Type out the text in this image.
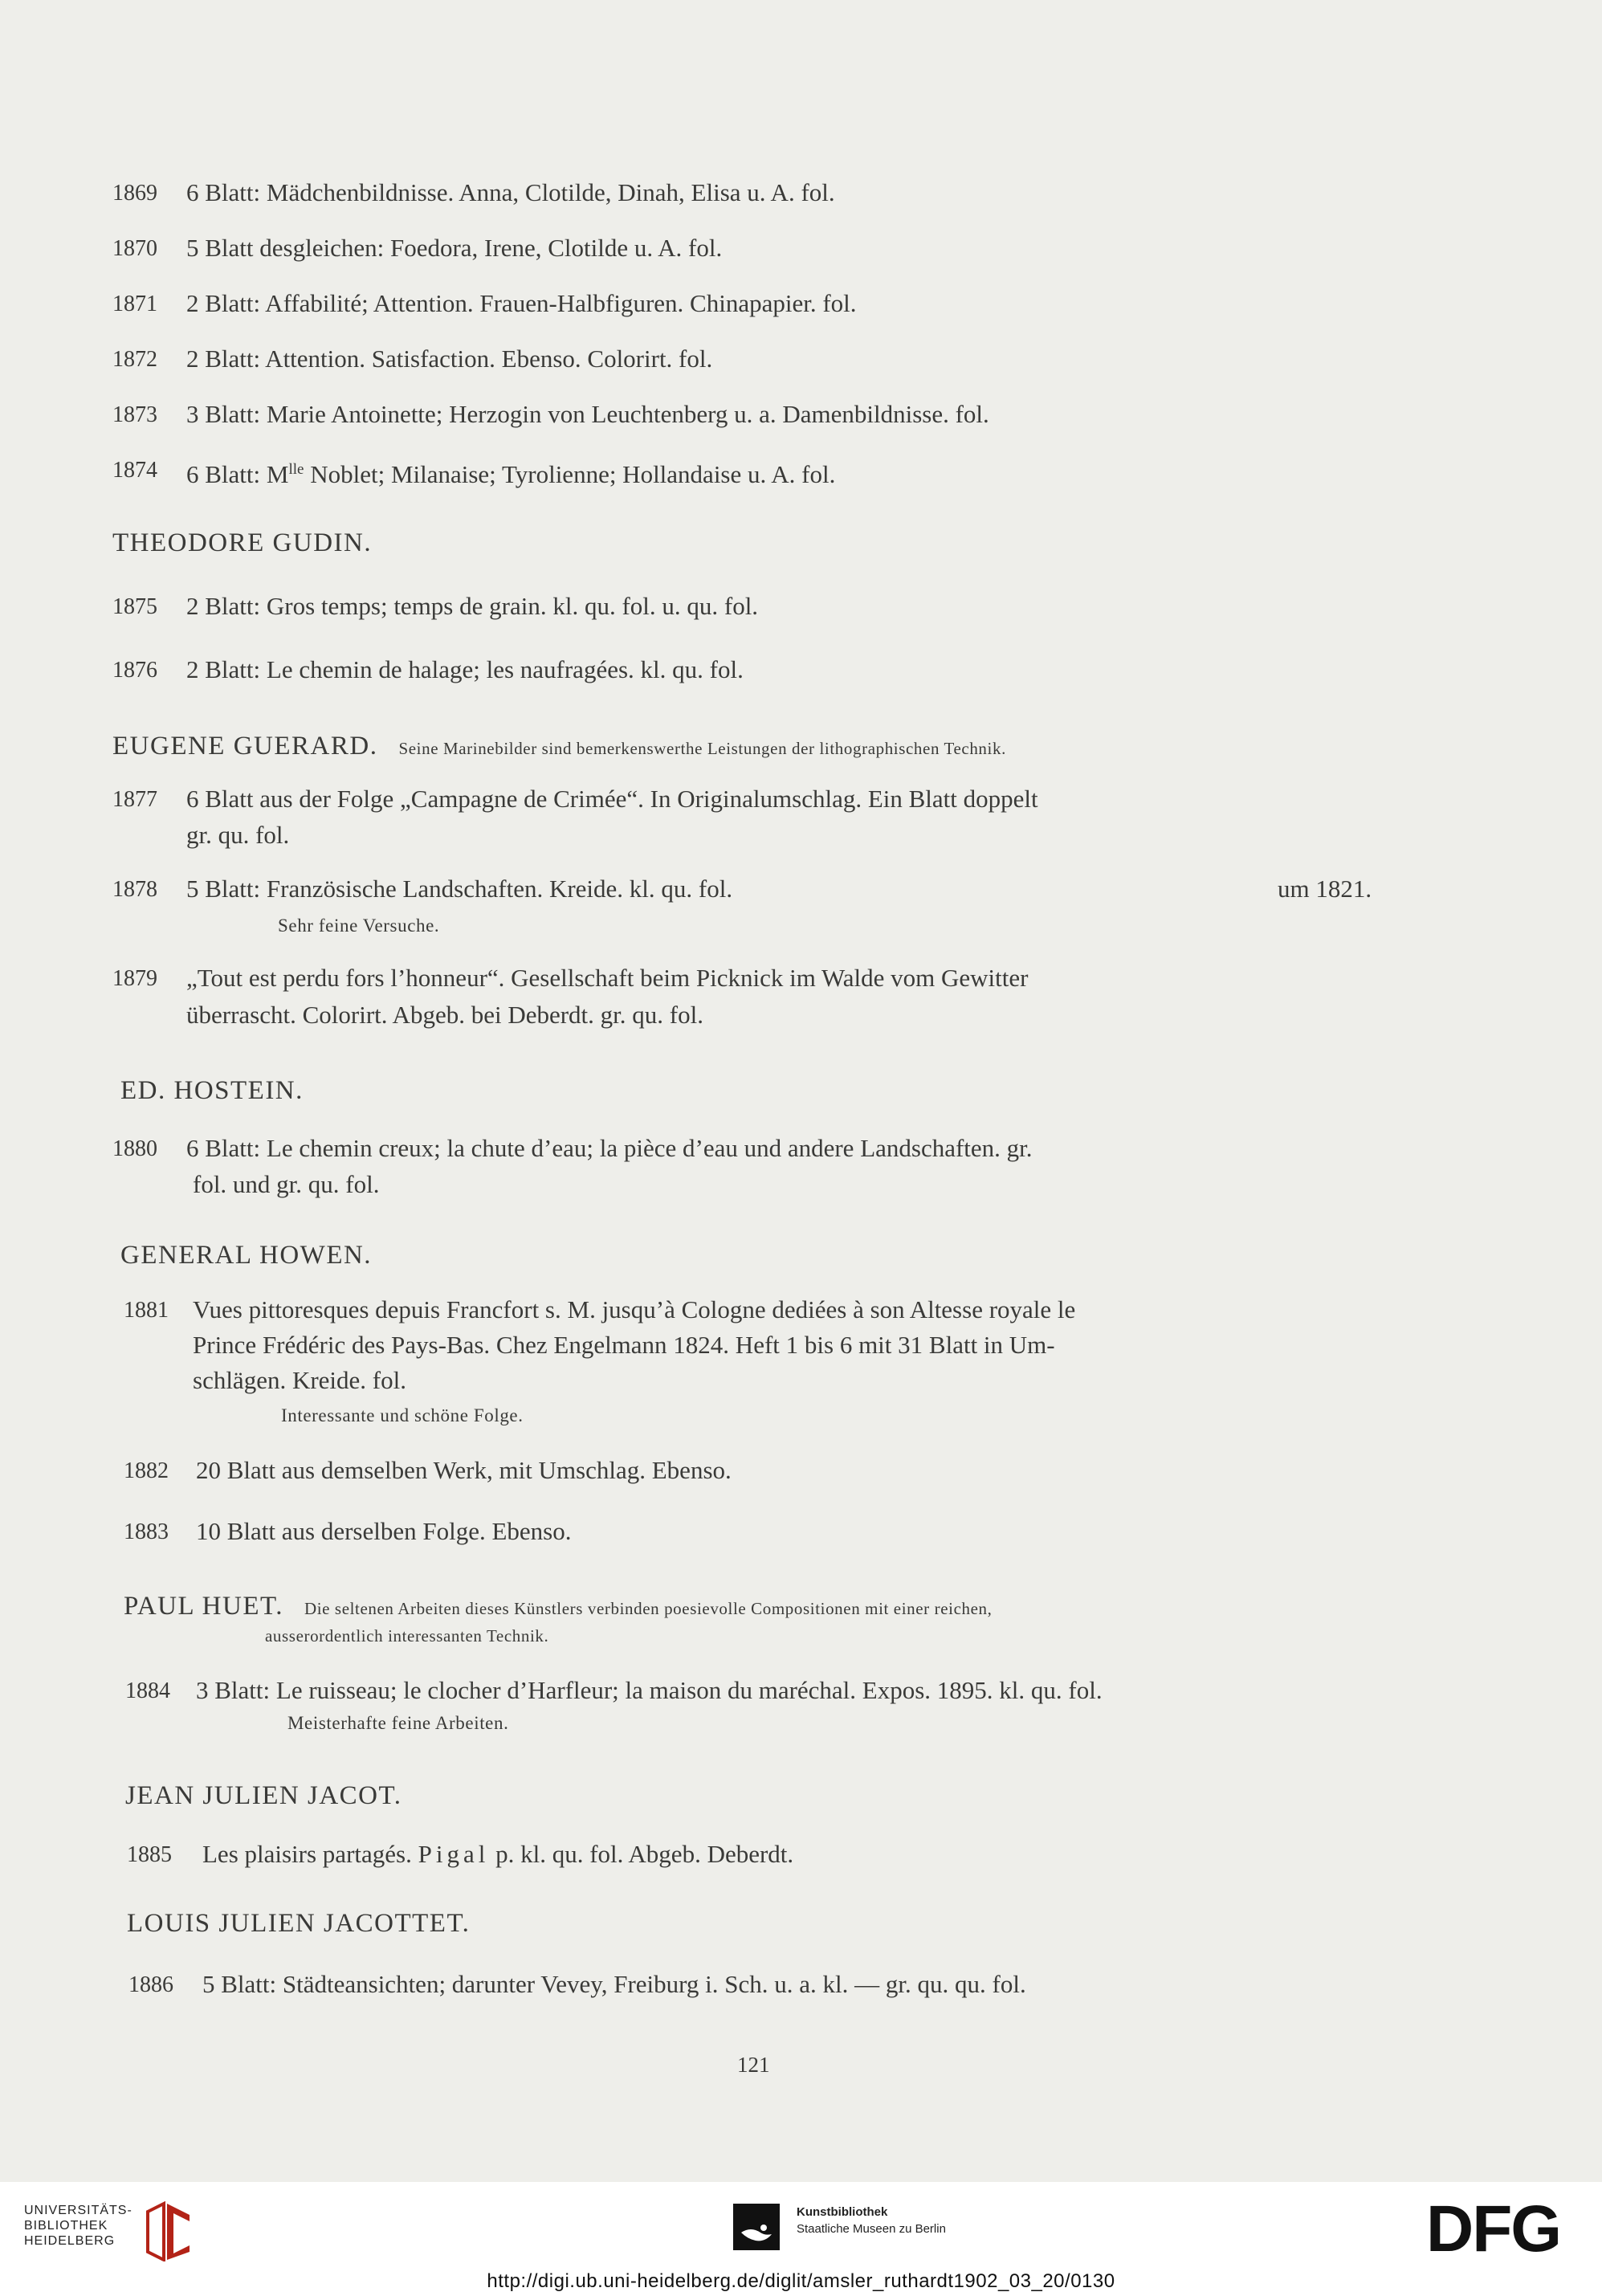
1869 6 Blatt: Mädchenbildnisse. Anna, Clotilde, Dinah, Elisa u. A. fol.
1870 5 Blatt desgleichen: Foedora, Irene, Clotilde u. A. fol.
1871 2 Blatt: Affabilité; Attention. Frauen-Halbfiguren. Chinapapier. fol.
1872 2 Blatt: Attention. Satisfaction. Ebenso. Colorirt. fol.
1873 3 Blatt: Marie Antoinette; Herzogin von Leuchtenberg u. a. Damenbildnisse. fol.
1874 6 Blatt: $M^{lle}$ Noblet; Milanaise; Tyrolienne; Hollandaise u. A. fol.
THEODORE GUDIN.
1875 2 Blatt: Gros temps; temps de grain. kl. qu. fol. u. qu. fol.
1876 2 Blatt: Le chemin de halage; les naufragées. kl. qu. fol.
EUGENE GUERARD. Seine Marinebilder sind bemerkenswerthe Leistungen der lithographischen Technik.
1877 6 Blatt aus der Folge „Campagne de Crimée“. In Originalumschlag. Ein Blatt doppelt
gr. qu. fol.
1878 5 Blatt: Französische Landschaften. Kreide. kl. qu. fol.	um 1821.
Sehr feine Versuche.
1879 „Tout est perdu fors l’honneur“. Gesellschaft beim Picknick im Walde vom Gewitter
überrascht. Colorirt. Abgeb. bei Deberdt. gr. qu. fol.
ED. HOSTEIN.
1880 6 Blatt: Le chemin creux; la chute d’eau; la pièce d’eau und andere Landschaften. gr.
fol. und gr. qu. fol.
GENERAL HOWEN.
1881 Vues pittoresques depuis Francfort s. M. jusqu’à Cologne dediées à son Altesse royale le
Prince Frédéric des Pays-Bas. Chez Engelmann 1824. Heft 1 bis 6 mit 31 Blatt in Um-
schlägen. Kreide. fol.
Interessante und schöne Folge.
1882 20 Blatt aus demselben Werk, mit Umschlag. Ebenso.
1883 10 Blatt aus derselben Folge. Ebenso.
PAUL HUET. Die seltenen Arbeiten dieses Künstlers verbinden poesievolle Compositionen mit einer reichen,
ausserordentlich interessanten Technik.
1884 3 Blatt: Le ruisseau; le clocher d’Harfleur; la maison du maréchal. Expos. 1895. kl. qu. fol.
Meisterhafte feine Arbeiten.
JEAN JULIEN JACOT.
1885 Les plaisirs partagés. Pigal p. kl. qu. fol. Abgeb. Deberdt.
LOUIS JULIEN JACOTTET.
1886 5 Blatt: Städteansichten; darunter Vevey, Freiburg i. Sch. u. a. kl. — gr. qu. qu. fol.
121
UNIVERSITÄTS-
BIBLIOTHEK
HEIDELBERG
Kunstbibliothek
Staatliche Museen zu Berlin	DFG
http://digi.ub.uni-heidelberg.de/diglit/amsler_ruthardt1902_03_20/0130
